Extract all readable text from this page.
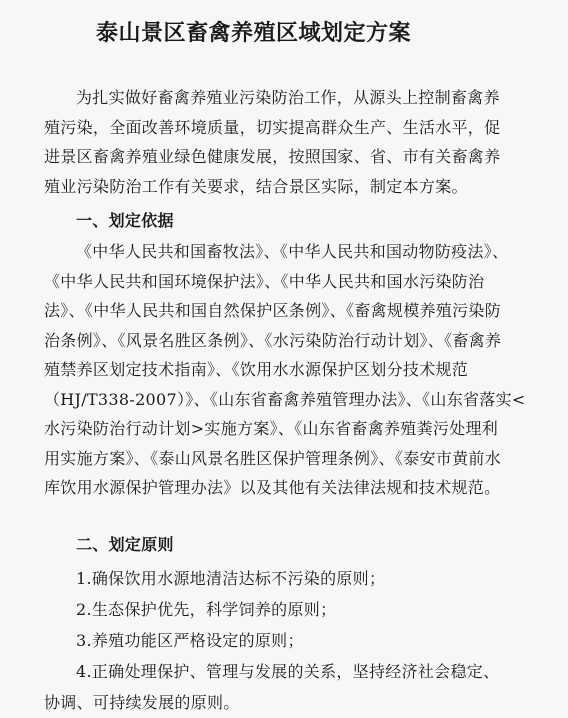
泰山景区畜禽养殖区域划定方案
为扎实做好畜禽养殖业污染防治工作，从源头上控制畜禽养
殖污染，全面改善环境质量，切实提高群众生产、生活水平，促
进景区畜禽养殖业绿色健康发展，按照国家、省、市有关畜禽养
殖业污染防治工作有关要求，结合景区实际，制定本方案。
一、划定依据
《中华人民共和国畜牧法》、《中华人民共和国动物防疫法》、
《中华人民共和国环境保护法》、《中华人民共和国水污染防治
法》、《中华人民共和国自然保护区条例》、《畜禽规模养殖污染防
治条例》、《风景名胜区条例》、《水污染防治行动计划》、《畜禽养
殖禁养区划定技术指南》、《饮用水水源保护区划分技术规范
（HJ/T338-2007）》、《山东省畜禽养殖管理办法》、《山东省落实<
水污染防治行动计划>实施方案》、《山东省畜禽养殖粪污处理利
用实施方案》、《泰山风景名胜区保护管理条例》、《泰安市黄前水
库饮用水源保护管理办法》以及其他有关法律法规和技术规范。
二、划定原则
1.确保饮用水源地清洁达标不污染的原则；
2.生态保护优先，科学饲养的原则；
3.养殖功能区严格设定的原则；
4.正确处理保护、管理与发展的关系，坚持经济社会稳定、
协调、可持续发展的原则。
